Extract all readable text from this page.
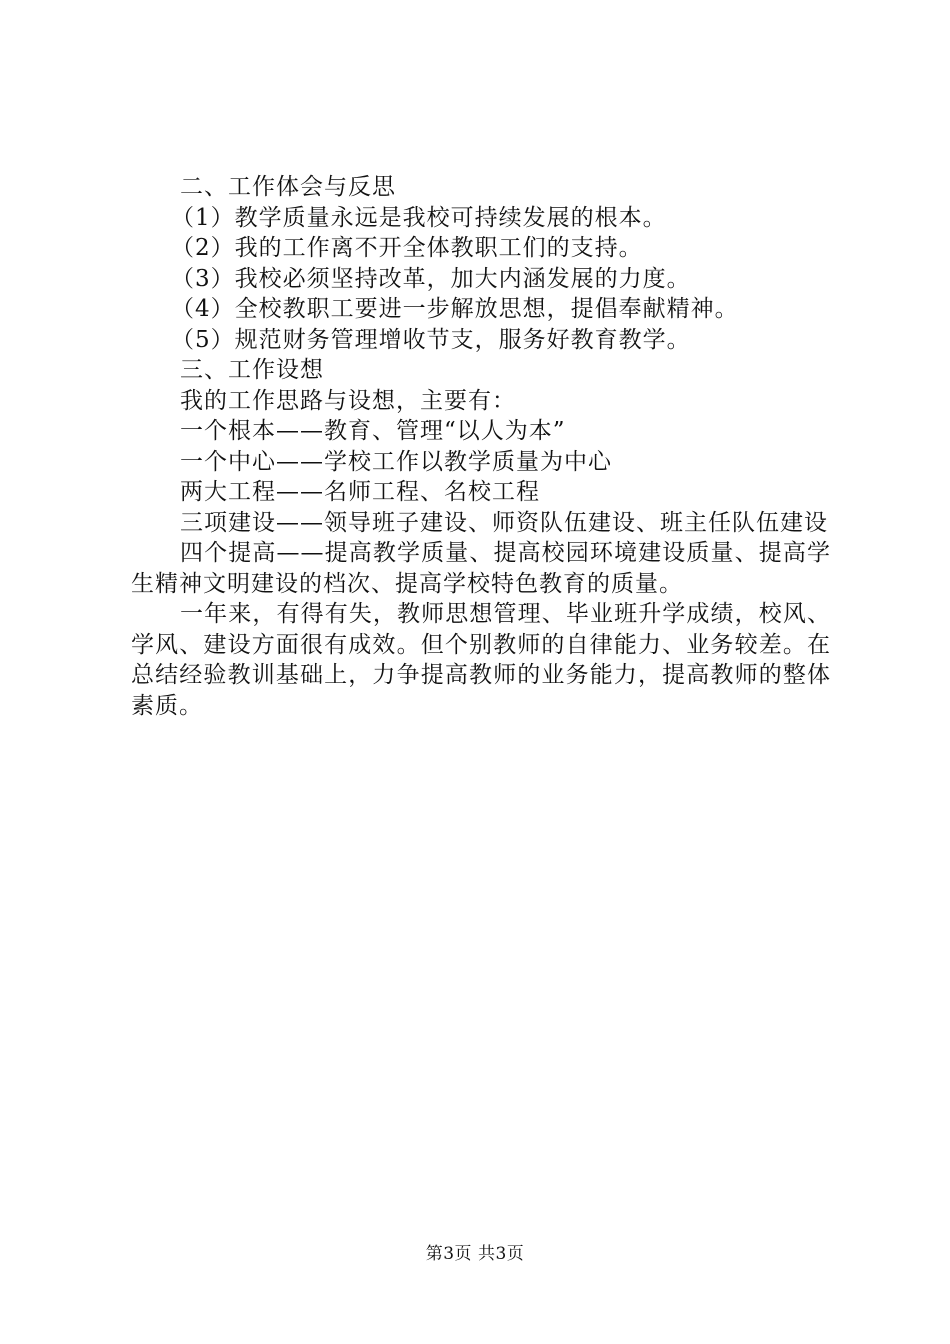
二、工作体会与反思

（1）教学质量永远是我校可持续发展的根本。

（2）我的工作离不开全体教职工们的支持。

（3）我校必须坚持改革，加大内涵发展的力度。

（4）全校教职工要进一步解放思想，提倡奉献精神。

（5）规范财务管理增收节支，服务好教育教学。

三、工作设想

我的工作思路与设想，主要有：

一个根本——教育、管理“以人为本”

一个中心——学校工作以教学质量为中心

两大工程——名师工程、名校工程

三项建设——领导班子建设、师资队伍建设、班主任队伍建设

四个提高——提高教学质量、提高校园环境建设质量、提高学生精神文明建设的档次、提高学校特色教育的质量。

一年来，有得有失，教师思想管理、毕业班升学成绩，校风、学风、建设方面很有成效。但个别教师的自律能力、业务较差。在总结经验教训基础上，力争提高教师的业务能力，提高教师的整体素质。

第3页 共3页
